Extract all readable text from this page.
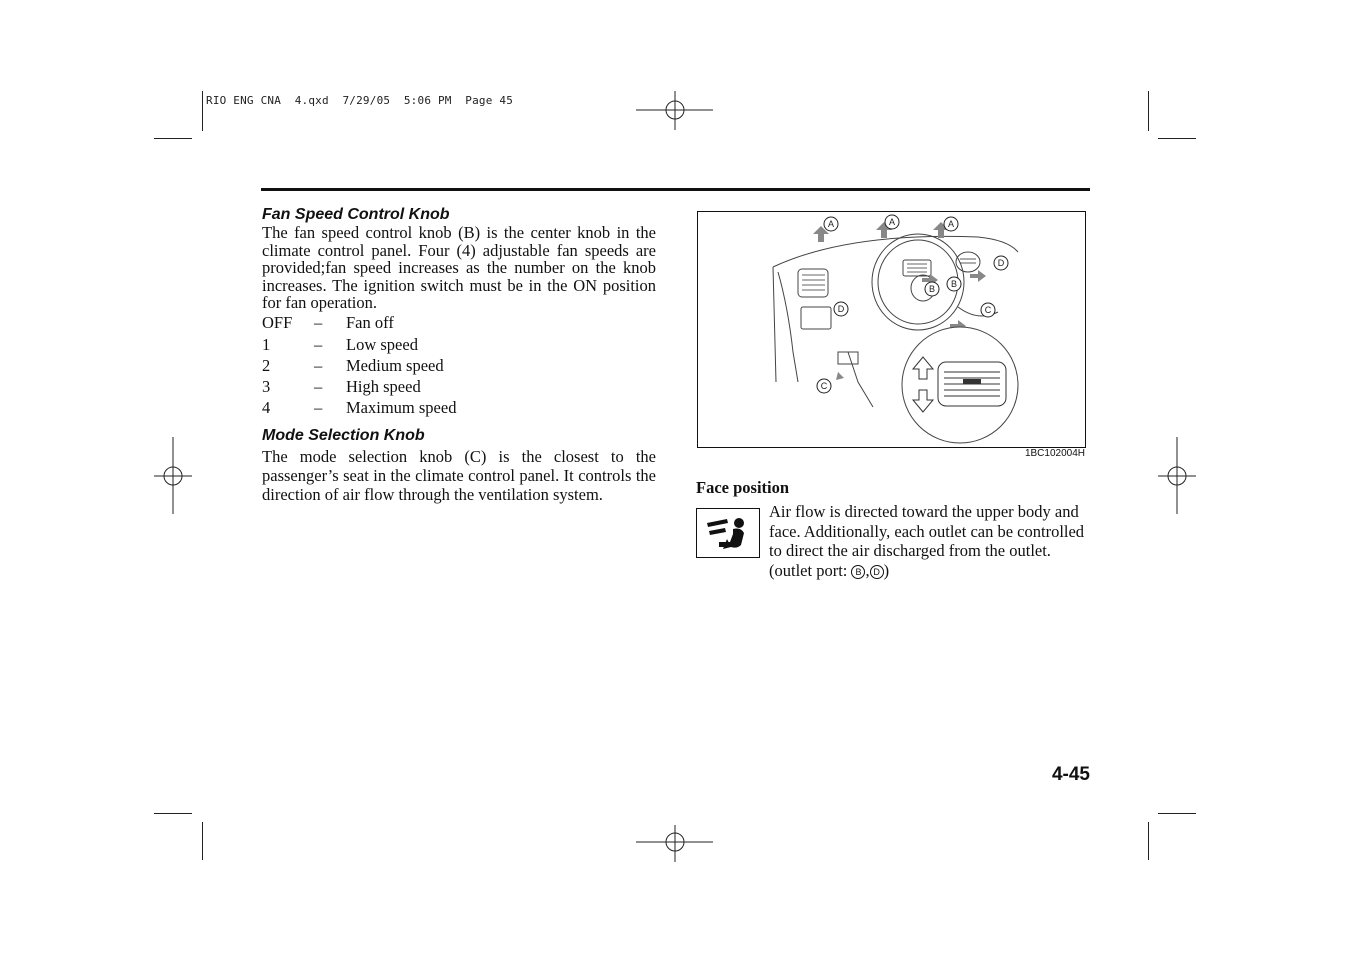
RIO ENG CNA  4.qxd  7/29/05  5:06 PM  Page 45
Fan Speed Control Knob
The fan speed control knob (B) is the center knob in the climate control panel. Four (4) adjustable fan speeds are provided;fan speed increases as the number on the knob increases. The ignition switch must be in the ON position for fan operation.
OFF – Fan off
1	– Low speed
2	– Medium speed
3	– High speed
4	– Maximum speed
Mode Selection Knob
The mode selection knob (C) is the closest to the passenger’s seat in the climate control panel. It controls the direction of air flow through the ventilation system.
A	A	A
B B
D
D	C
C
1BC102004H
Face position
Air flow is directed toward the upper body and face. Additionally, each outlet can be controlled to direct the air discharged from the outlet. (outlet port: B , D )
4-45
